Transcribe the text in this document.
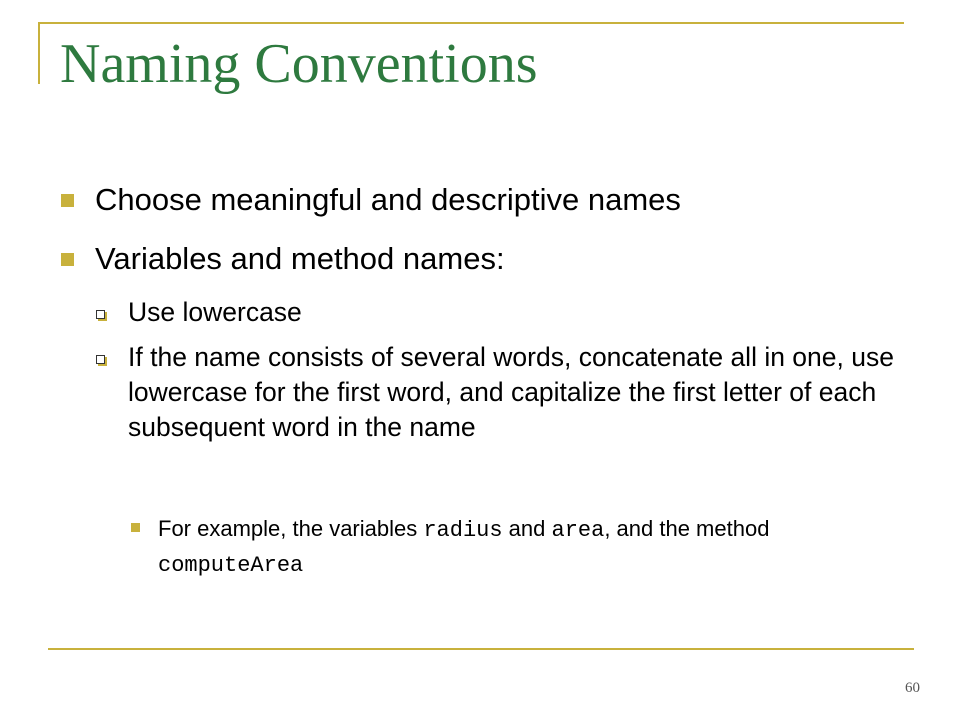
Naming Conventions
Choose meaningful and descriptive names
Variables and method names:
Use lowercase
If the name consists of several words, concatenate all in one, use lowercase for the first word, and capitalize the first letter of each subsequent word in the name
For example, the variables radius and area, and the method computeArea
60
